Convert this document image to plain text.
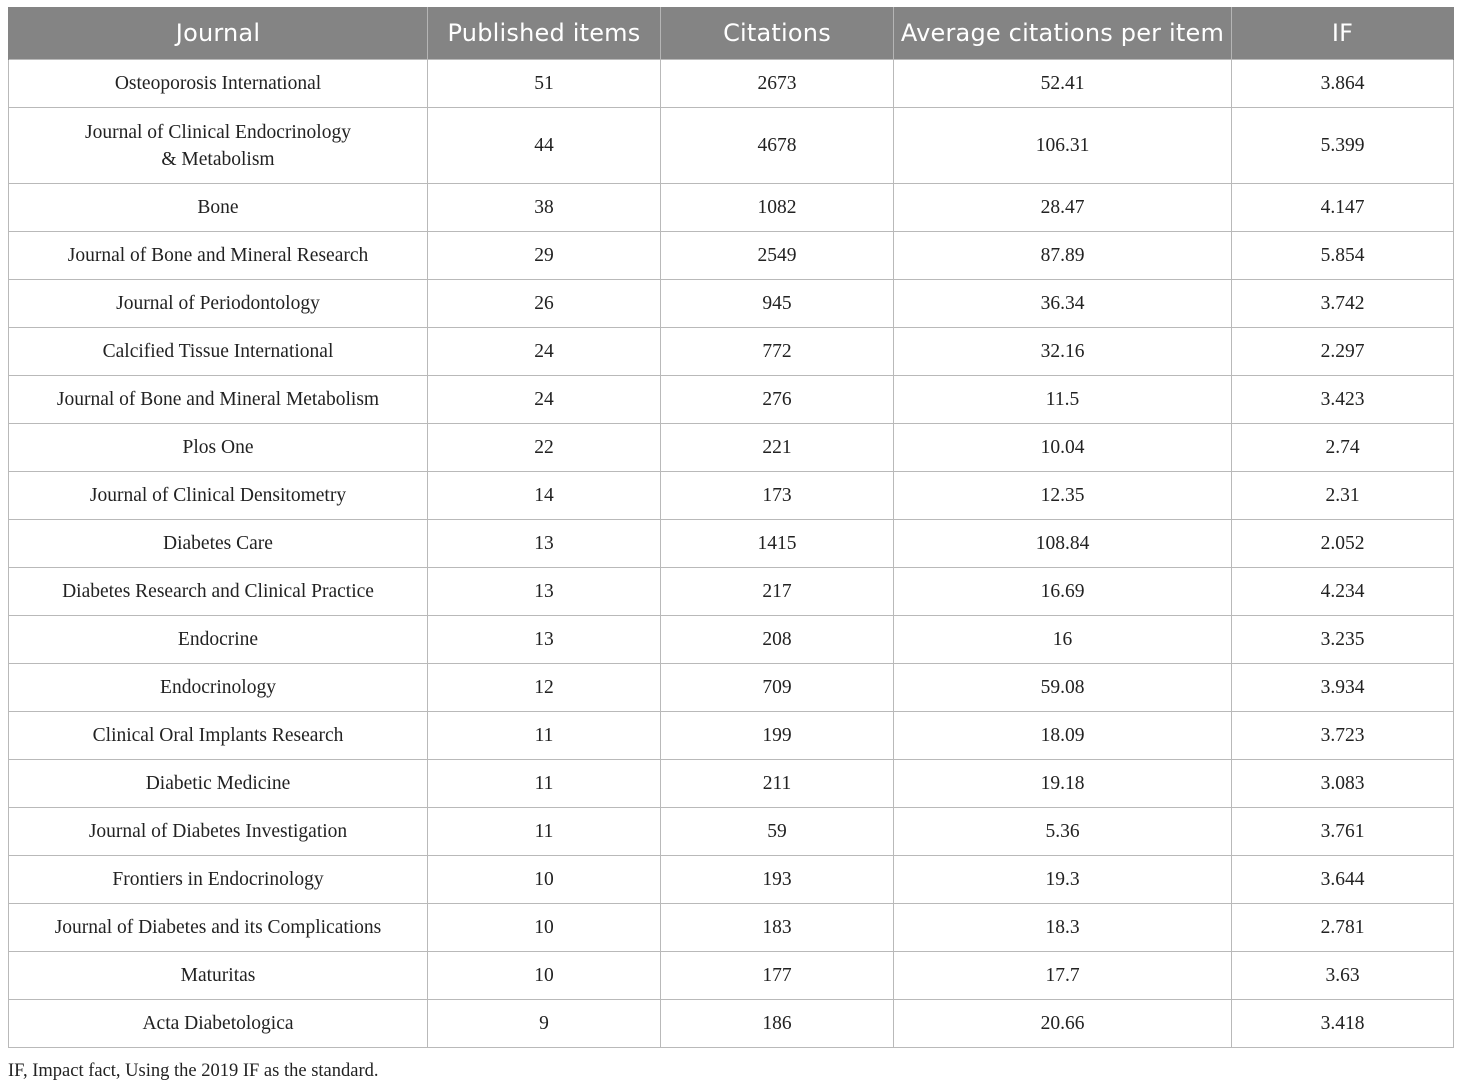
Journal	Published items	Citations	Average citations per item	IF

Osteoporosis International	51	2673	52.41	3.864

Journal of Clinical Endocrinology
& Metabolism	44	4678	106.31	5.399

Bone	38	1082	28.47	4.147

Journal of Bone and Mineral Research	29	2549	87.89	5.854

Journal of Periodontology	26	945	36.34	3.742

Calcified Tissue International	24	772	32.16	2.297

Journal of Bone and Mineral Metabolism	24	276	11.5	3.423

Plos One	22	221	10.04	2.74

Journal of Clinical Densitometry	14	173	12.35	2.31

Diabetes Care	13	1415	108.84	2.052

Diabetes Research and Clinical Practice	13	217	16.69	4.234

Endocrine	13	208	16	3.235

Endocrinology	12	709	59.08	3.934

Clinical Oral Implants Research	11	199	18.09	3.723

Diabetic Medicine	11	211	19.18	3.083

Journal of Diabetes Investigation	11	59	5.36	3.761

Frontiers in Endocrinology	10	193	19.3	3.644

Journal of Diabetes and its Complications	10	183	18.3	2.781

Maturitas	10	177	17.7	3.63

Acta Diabetologica	9	186	20.66	3.418
IF, Impact fact, Using the 2019 IF as the standard.
